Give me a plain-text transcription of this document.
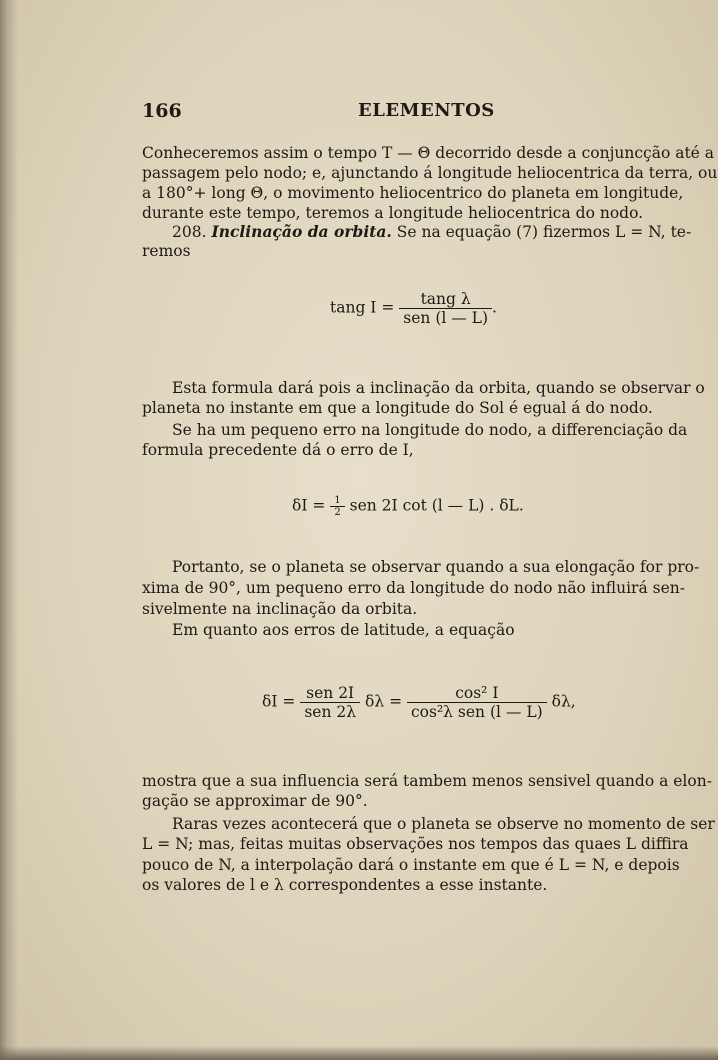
166	ELEMENTOS
Conheceremos assim o tempo T — Θ decorrido desde a conjuncção até a
passagem pelo nodo; e, ajunctando á longitude heliocentrica da terra, ou
a 180°+ long Θ, o movimento heliocentrico do planeta em longitude,
durante este tempo, teremos a longitude heliocentrica do nodo.
208. Inclinação da orbita. Se na equação (7) fizermos L = N, te-
remos
tang $I = \frac{\text{tang λ}}{\text{sen (l — L)}}$ .
Esta formula dará pois a inclinação da orbita, quando se observar o
planeta no instante em que a longitude do Sol é egual á do nodo.
Se ha um pequeno erro na longitude do nodo, a differenciação da
formula precedente dá o erro de I,
$\delta I = \frac{1}{2}$ sen 2I cot (l — L) . δL.
Portanto, se o planeta se observar quando a sua elongação for pro-
xima de 90°, um pequeno erro da longitude do nodo não influirá sen-
sivelmente na inclinação da orbita.
Em quanto aos erros de latitude, a equação
$\delta I = \frac{\text{sen 2I}}{\text{sen 2λ}}$ $\delta\lambda = \frac{\text{cos² I}}{\text{cos²λ sen (l — L)}} \delta\lambda$,
mostra que a sua influencia será tambem menos sensivel quando a elon-
gação se approximar de 90°.
Raras vezes acontecerá que o planeta se observe no momento de ser
L = N; mas, feitas muitas observações nos tempos das quaes L diffira
pouco de N, a interpolação dará o instante em que é L = N, e depois
os valores de l e λ correspondentes a esse instante.
